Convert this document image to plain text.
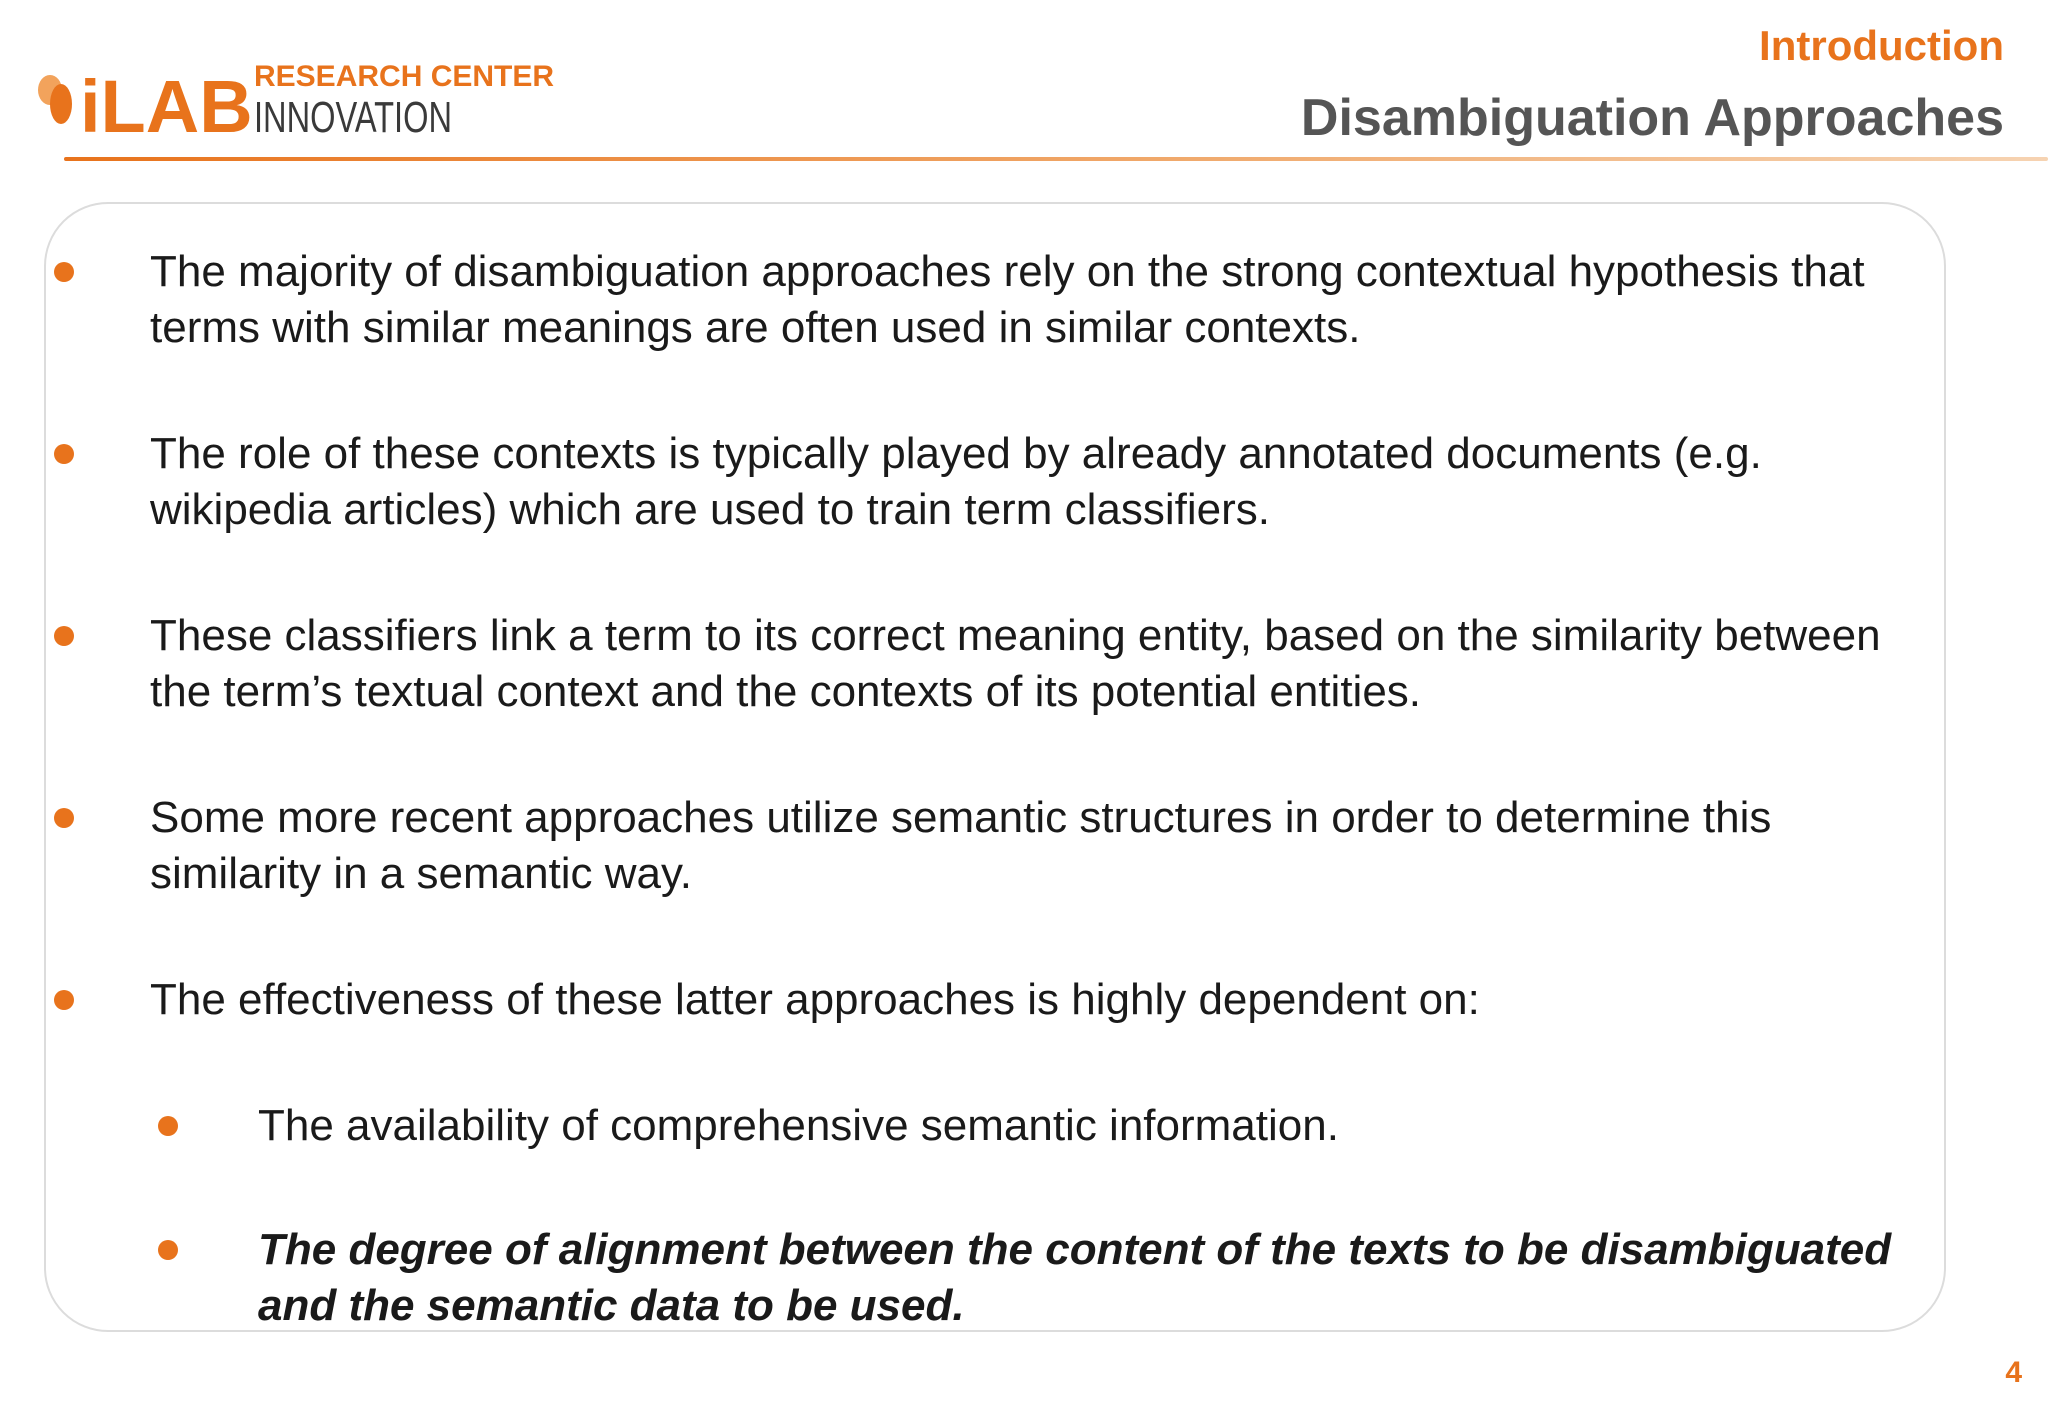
iLAB RESEARCH CENTER
INNOVATION
Introduction
Disambiguation Approaches
The majority of disambiguation approaches rely on the strong contextual hypothesis that terms with similar meanings are often used in similar contexts.
The role of these contexts is typically played by already annotated documents (e.g. wikipedia articles) which are used to train term classifiers.
These classifiers link a term to its correct meaning entity, based on the similarity between the term’s textual context and the contexts of its potential entities.
Some more recent approaches utilize semantic structures in order to determine this similarity in a semantic way.
The effectiveness of these latter approaches is highly dependent on:
The availability of comprehensive semantic information.
The degree of alignment between the content of the texts to be disambiguated and the semantic data to be used.
4
